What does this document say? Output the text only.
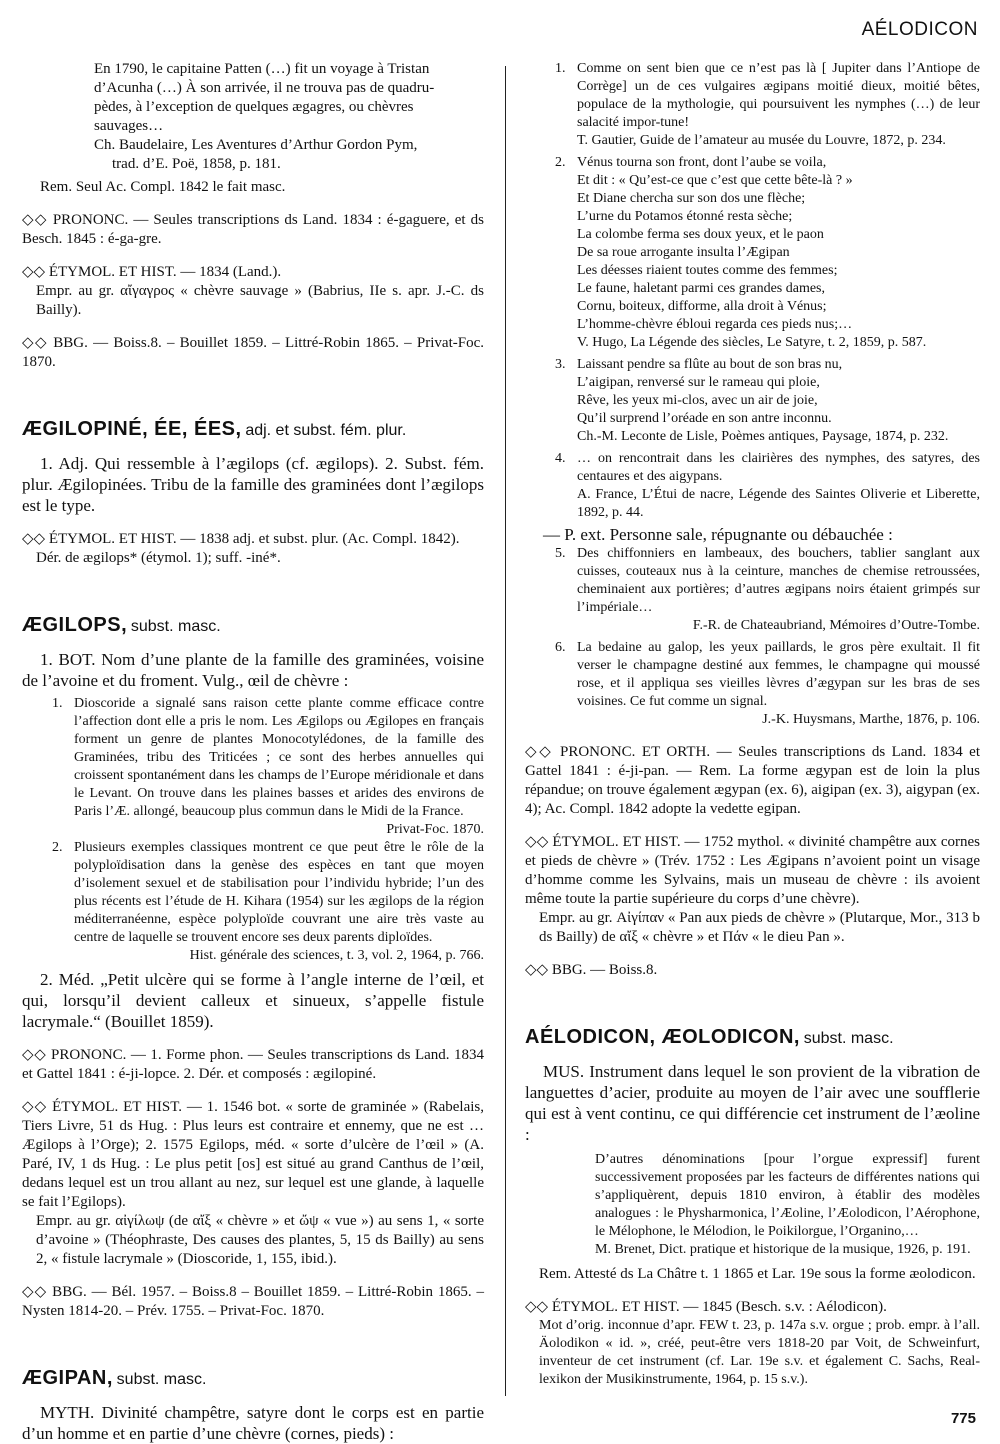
AÉLODICON

En 1790, le capitaine Patten (…) fit un voyage à Tristan

d’Acunha (…) À son arrivée, il ne trouva pas de quadru-

pèdes, à l’exception de quelques ægagres, ou chèvres

sauvages…

Ch. Baudelaire, Les Aventures d’Arthur Gordon Pym,

trad. d’E. Poë, 1858, p. 181.

Rem. Seul Ac. Compl. 1842 le fait masc.

◇◇ PRONONC. — Seules transcriptions ds Land. 1834 : é-gaguere, et ds Besch. 1845 : é-ga-gre.

◇◇ ÉTYMOL. ET HIST. — 1834 (Land.).

Empr. au gr. αἴγαγρος « chèvre sauvage » (Babrius, IIe s. apr. J.-C. ds Bailly).

◇◇ BBG. — Boiss.8. – Bouillet 1859. – Littré-Robin 1865. – Privat-Foc. 1870.

ÆGILOPINÉ, ÉE, ÉES, adj. et subst. fém. plur.

1. Adj. Qui ressemble à l’ægilops (cf. ægilops). 2. Subst. fém. plur. Ægilopinées. Tribu de la famille des graminées dont l’ægilops est le type.

◇◇ ÉTYMOL. ET HIST. — 1838 adj. et subst. plur. (Ac. Compl. 1842).

Dér. de ægilops* (étymol. 1); suff. -iné*.

ÆGILOPS, subst. masc.

1. BOT. Nom d’une plante de la famille des graminées, voisine de l’avoine et du froment. Vulg., œil de chèvre :

1. Dioscoride a signalé sans raison cette plante comme efficace contre l’affection dont elle a pris le nom. Les Ægilops ou Ægilopes en français forment un genre de plantes Monocotylédones, de la famille des Graminées, tribu des Triticées ; ce sont des herbes annuelles qui croissent spontanément dans les champs de l’Europe méridionale et dans le Levant. On trouve dans les plaines basses et arides des environs de Paris l’Æ. allongé, beaucoup plus commun dans le Midi de la France.
Privat-Foc. 1870.
2. Plusieurs exemples classiques montrent ce que peut être le rôle de la polyploïdisation dans la genèse des espèces en tant que moyen d’isolement sexuel et de stabilisation pour l’individu hybride; l’un des plus récents est l’étude de H. Kihara (1954) sur les ægilops de la région méditerranéenne, espèce polyploïde couvrant une aire très vaste au centre de laquelle se trouvent encore ses deux parents diploïdes.
Hist. générale des sciences, t. 3, vol. 2, 1964, p. 766.

2. Méd. „Petit ulcère qui se forme à l’angle interne de l’œil, et qui, lorsqu’il devient calleux et sinueux, s’appelle fistule lacrymale.“ (Bouillet 1859).

◇◇ PRONONC. — 1. Forme phon. — Seules transcriptions ds Land. 1834 et Gattel 1841 : é-ji-lopce. 2. Dér. et composés : ægilopiné.

◇◇ ÉTYMOL. ET HIST. — 1. 1546 bot. « sorte de graminée » (Rabelais, Tiers Livre, 51 ds Hug. : Plus leurs est contraire et ennemy, que ne est … Ægilops à l’Orge); 2. 1575 Egilops, méd. « sorte d’ulcère de l’œil » (A. Paré, IV, 1 ds Hug. : Le plus petit [os] est situé au grand Canthus de l’œil, dedans lequel est un trou allant au nez, sur lequel est une glande, à laquelle se fait l’Egilops).

Empr. au gr. αἰγίλωψ (de αἴξ « chèvre » et ὤψ « vue ») au sens 1, « sorte d’avoine » (Théophraste, Des causes des plantes, 5, 15 ds Bailly) au sens 2, « fistule lacrymale » (Dioscoride, 1, 155, ibid.).

◇◇ BBG. — Bél. 1957. – Boiss.8 – Bouillet 1859. – Littré-Robin 1865. – Nysten 1814-20. – Prév. 1755. – Privat-Foc. 1870.

ÆGIPAN, subst. masc.

MYTH. Divinité champêtre, satyre dont le corps est en partie d’un homme et en partie d’une chèvre (cornes, pieds) :

1. Comme on sent bien que ce n’est pas là [ Jupiter dans l’Antiope de Corrège] un de ces vulgaires ægipans moitié dieux, moitié bêtes, populace de la mythologie, qui poursuivent les nymphes (…) de leur salacité impor-tune!
T. Gautier, Guide de l’amateur au musée du Louvre, 1872, p. 234.
2. Vénus tourna son front, dont l’aube se voila,
Et dit : « Qu’est-ce que c’est que cette bête-là ? »
Et Diane chercha sur son dos une flèche;
L’urne du Potamos étonné resta sèche;
La colombe ferma ses doux yeux, et le paon
De sa roue arrogante insulta l’Ægipan
Les déesses riaient toutes comme des femmes;
Le faune, haletant parmi ces grandes dames,
Cornu, boiteux, difforme, alla droit à Vénus;
L’homme-chèvre ébloui regarda ces pieds nus;…
V. Hugo, La Légende des siècles, Le Satyre, t. 2, 1859, p. 587.
3. Laissant pendre sa flûte au bout de son bras nu,
L’aigipan, renversé sur le rameau qui ploie,
Rêve, les yeux mi-clos, avec un air de joie,
Qu’il surprend l’oréade en son antre inconnu.
Ch.-M. Leconte de Lisle, Poèmes antiques, Paysage, 1874, p. 232.
4. … on rencontrait dans les clairières des nymphes, des satyres, des centaures et des aigypans.
A. France, L’Étui de nacre, Légende des Saintes Oliverie et Liberette, 1892, p. 44.

— P. ext. Personne sale, répugnante ou débauchée :

5. Des chiffonniers en lambeaux, des bouchers, tablier sanglant aux cuisses, couteaux nus à la ceinture, manches de chemise retroussées, cheminaient aux portières; d’autres ægipans noirs étaient grimpés sur l’impériale…
F.-R. de Chateaubriand, Mémoires d’Outre-Tombe.
6. La bedaine au galop, les yeux paillards, le gros père exultait. Il fit verser le champagne destiné aux femmes, le champagne qui moussé rose, et il appliqua ses vieilles lèvres d’ægypan sur les bras de ses voisines. Ce fut comme un signal.
J.-K. Huysmans, Marthe, 1876, p. 106.

◇◇ PRONONC. ET ORTH. — Seules transcriptions ds Land. 1834 et Gattel 1841 : é-ji-pan. — Rem. La forme ægypan est de loin la plus répandue; on trouve également ægypan (ex. 6), aigipan (ex. 3), aigypan (ex. 4); Ac. Compl. 1842 adopte la vedette egipan.

◇◇ ÉTYMOL. ET HIST. — 1752 mythol. « divinité champêtre aux cornes et pieds de chèvre » (Trév. 1752 : Les Ægipans n’avoient point un visage d’homme comme les Sylvains, mais un museau de chèvre : ils avoient même toute la partie supérieure du corps d’une chèvre).

Empr. au gr. Αἰγίπαν « Pan aux pieds de chèvre » (Plutarque, Mor., 313 b ds Bailly) de αἴξ « chèvre » et Πάν « le dieu Pan ».

◇◇ BBG. — Boiss.8.

AÉLODICON, ÆOLODICON, subst. masc.

MUS. Instrument dans lequel le son provient de la vibration de languettes d’acier, produite au moyen de l’air avec une soufflerie qui est à vent continu, ce qui différencie cet instrument de l’æoline :

D’autres dénominations [pour l’orgue expressif] furent successivement proposées par les facteurs de différentes nations qui s’appliquèrent, depuis 1810 environ, à établir des modèles analogues : le Physharmonica, l’Æoline, l’Æolodicon, l’Aérophone, le Mélophone, le Mélodion, le Poikilorgue, l’Organino,…
M. Brenet, Dict. pratique et historique de la musique, 1926, p. 191.

Rem. Attesté ds La Châtre t. 1 1865 et Lar. 19e sous la forme æolodicon.

◇◇ ÉTYMOL. ET HIST. — 1845 (Besch. s.v. : Aélodicon).

Mot d’orig. inconnue d’apr. FEW t. 23, p. 147a s.v. orgue ; prob. empr. à l’all. Äolodikon « id. », créé, peut-être vers 1818-20 par Voit, de Schweinfurt, inventeur de cet instrument (cf. Lar. 19e s.v. et également C. Sachs, Real-lexikon der Musikinstrumente, 1964, p. 15 s.v.).

775
